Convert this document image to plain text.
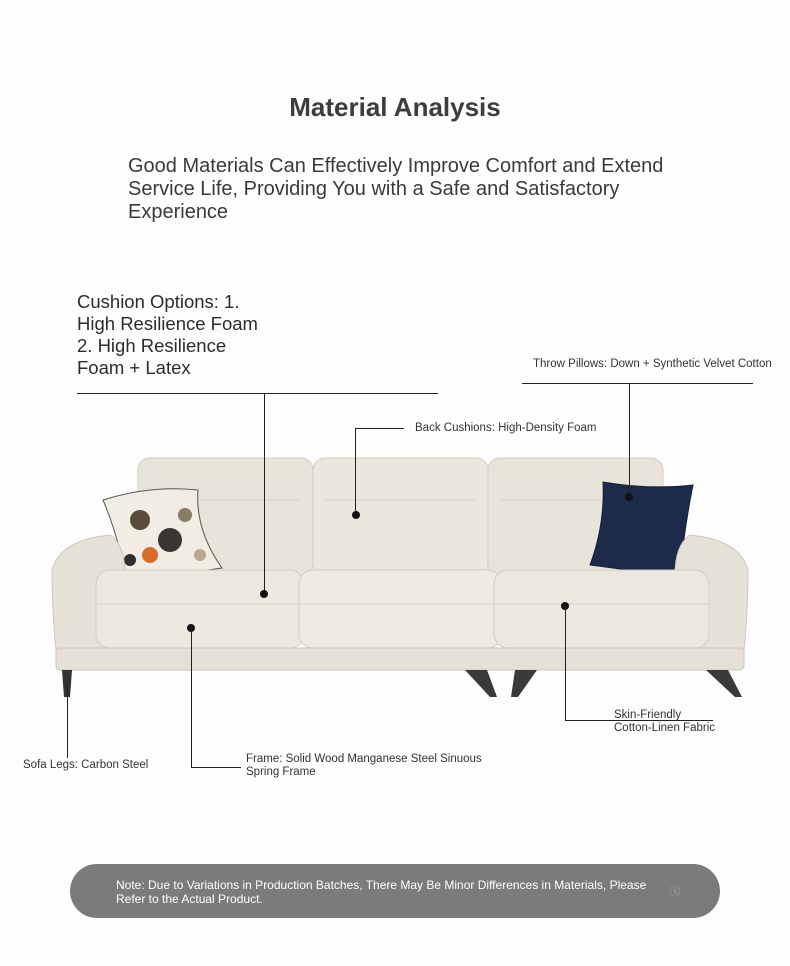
Material Analysis
Good Materials Can Effectively Improve Comfort and Extend Service Life, Providing You with a Safe and Satisfactory Experience
Cushion Options: 1. High Resilience Foam 2. High Resilience Foam + Latex	Throw Pillows: Down + Synthetic Velvet Cotton
Back Cushions: High-Density Foam
Skin-Friendly
Cotton-Linen Fabric
Sofa Legs: Carbon Steel	Frame: Solid Wood Manganese Steel Sinuous
Spring Frame
Note: Due to Variations in Production Batches, There May Be Minor Differences in Materials, Please Refer to the Actual Product.	ⓘ
